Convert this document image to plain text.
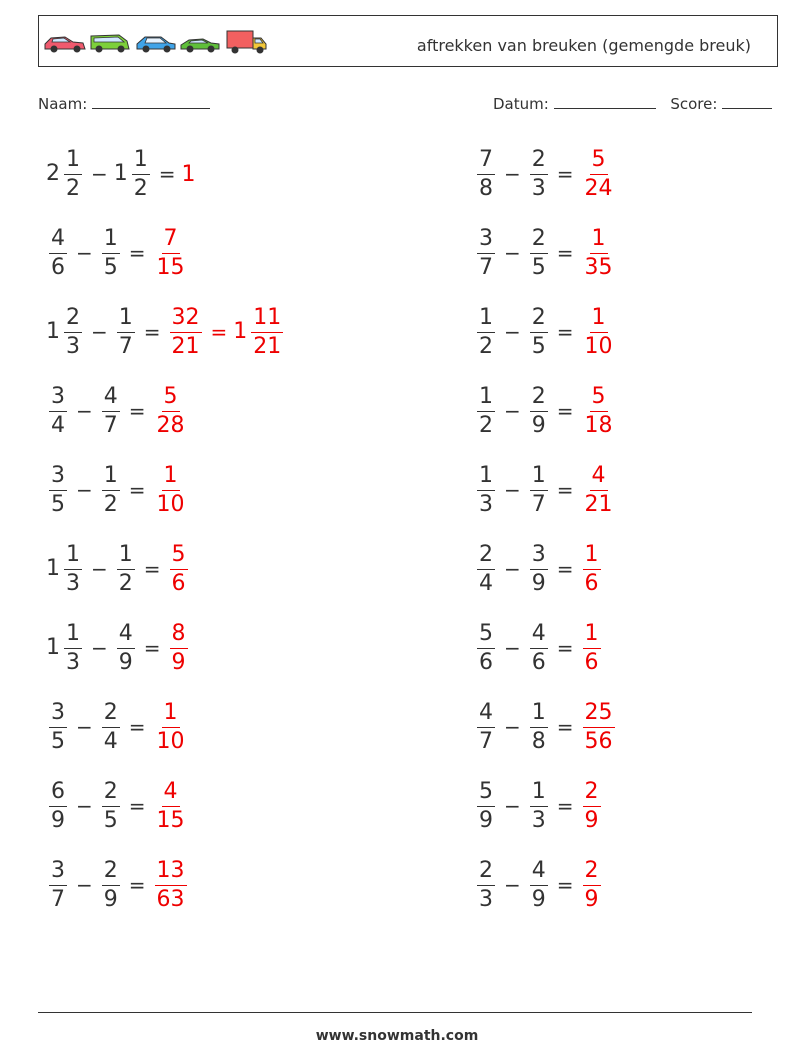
aftrekken van breuken (gemengde breuk)
Naam:	Datum:	Score:
$2 \frac{1}{2} - 1 \frac{1}{2} = 1$
$\frac{4}{6} - \frac{1}{5} = \frac{7}{15}$
$1 \frac{2}{3} - \frac{1}{7} = \frac{32}{21} = 1 \frac{11}{21}$
$\frac{3}{4} - \frac{4}{7} = \frac{5}{28}$
$\frac{3}{5} - \frac{1}{2} = \frac{1}{10}$
$1 \frac{1}{3} - \frac{1}{2} = \frac{5}{6}$
$1 \frac{1}{3} - \frac{4}{9} = \frac{8}{9}$
$\frac{3}{5} - \frac{2}{4} = \frac{1}{10}$
$\frac{6}{9} - \frac{2}{5} = \frac{4}{15}$
$\frac{3}{7} - \frac{2}{9} = \frac{13}{63}$
$\frac{7}{8} - \frac{2}{3} = \frac{5}{24}$
$\frac{3}{7} - \frac{2}{5} = \frac{1}{35}$
$\frac{1}{2} - \frac{2}{5} = \frac{1}{10}$
$\frac{1}{2} - \frac{2}{9} = \frac{5}{18}$
$\frac{1}{3} - \frac{1}{7} = \frac{4}{21}$
$\frac{2}{4} - \frac{3}{9} = \frac{1}{6}$
$\frac{5}{6} - \frac{4}{6} = \frac{1}{6}$
$\frac{4}{7} - \frac{1}{8} = \frac{25}{56}$
$\frac{5}{9} - \frac{1}{3} = \frac{2}{9}$
$\frac{2}{3} - \frac{4}{9} = \frac{2}{9}$
www.snowmath.com
